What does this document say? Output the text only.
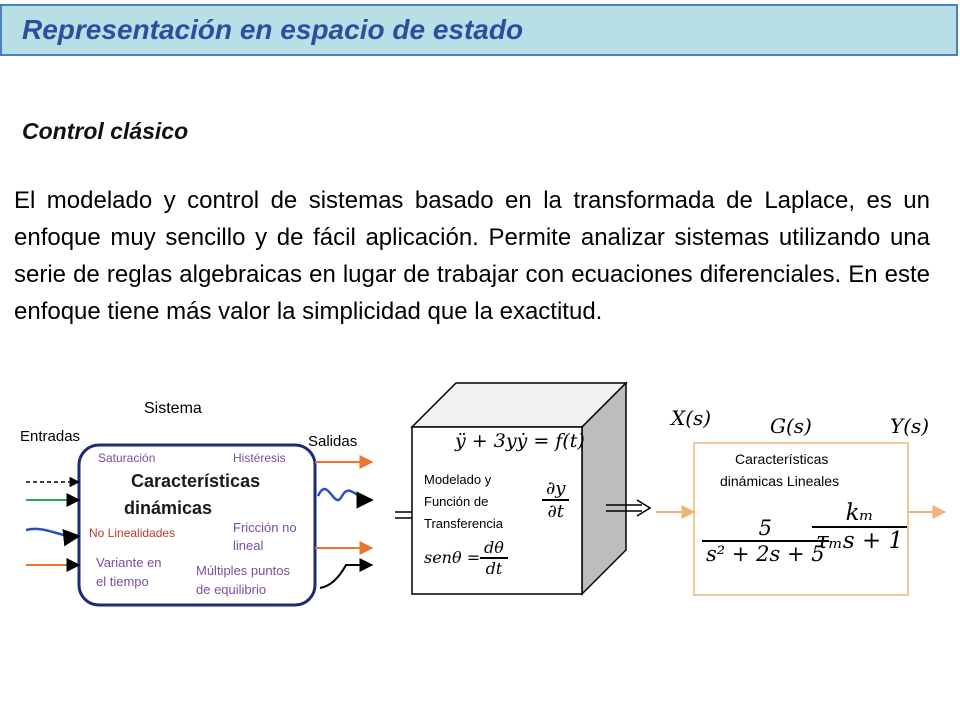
Representación en espacio de estado
Control clásico
El modelado y control de sistemas basado en la transformada de Laplace, es un enfoque muy sencillo y de fácil aplicación. Permite analizar sistemas utilizando una serie de reglas algebraicas en lugar de trabajar con ecuaciones diferenciales. En este enfoque tiene más valor la simplicidad que la exactitud.
Sistema
Entradas	Salidas
Saturación	Histéresis
Características
dinámicas
Fricción no
lineal
No Linealidades
Variante en
el tiempo
Múltiples puntos
de equilibrio
ÿ + 3yẏ = f(t)
Modelado y
Función de
Transferencia
∂y
∂t
senθ =
dθ
dt
X(s)	G(s)	Y(s)
Características
dinámicas Lineales
5
s² + 2s + 5
kₘ
τₘs + 1
